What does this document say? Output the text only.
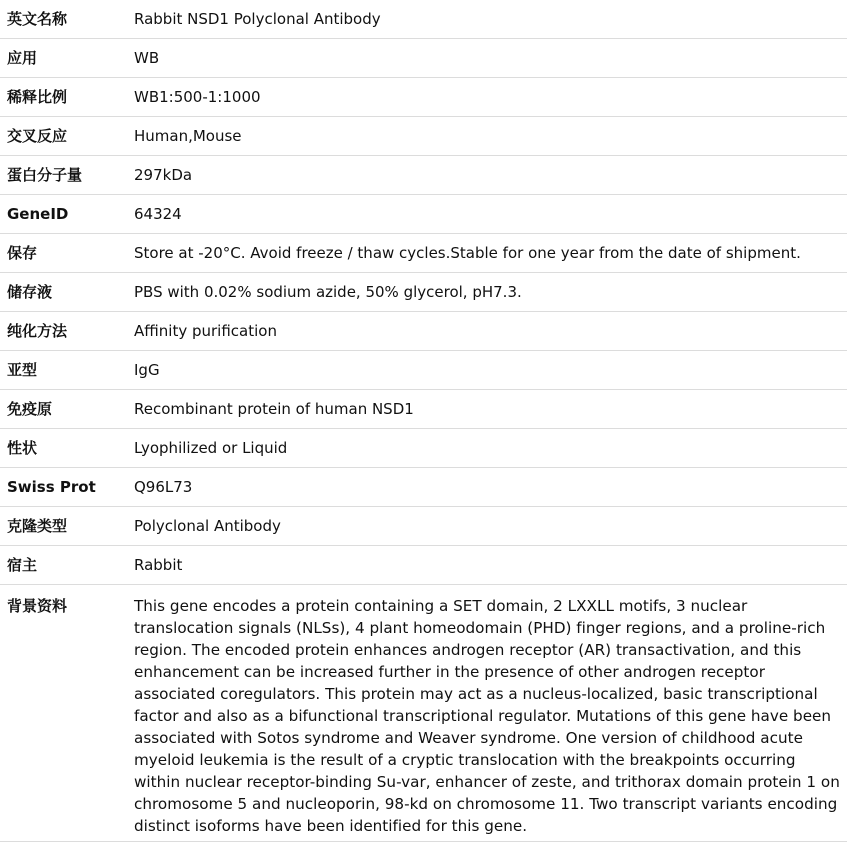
英文名称	Rabbit NSD1 Polyclonal Antibody
应用	WB
稀释比例	WB1:500-1:1000
交叉反应	Human,Mouse
蛋白分子量	297kDa
GeneID	64324
保存	Store at -20°C. Avoid freeze / thaw cycles.Stable for one year from the date of shipment.
储存液	PBS with 0.02% sodium azide, 50% glycerol, pH7.3.
纯化方法	Affinity purification
亚型	IgG
免疫原	Recombinant protein of human NSD1
性状	Lyophilized or Liquid
Swiss Prot	Q96L73
克隆类型	Polyclonal Antibody
宿主	Rabbit
背景资料	This gene encodes a protein containing a SET domain, 2 LXXLL motifs, 3 nuclear translocation signals (NLSs), 4 plant homeodomain (PHD) finger regions, and a proline-rich region. The encoded protein enhances androgen receptor (AR) transactivation, and this enhancement can be increased further in the presence of other androgen receptor associated coregulators. This protein may act as a nucleus-localized, basic transcriptional factor and also as a bifunctional transcriptional regulator. Mutations of this gene have been associated with Sotos syndrome and Weaver syndrome. One version of childhood acute myeloid leukemia is the result of a cryptic translocation with the breakpoints occurring within nuclear receptor-binding Su-var, enhancer of zeste, and trithorax domain protein 1 on chromosome 5 and nucleoporin, 98-kd on chromosome 11. Two transcript variants encoding distinct isoforms have been identified for this gene.
